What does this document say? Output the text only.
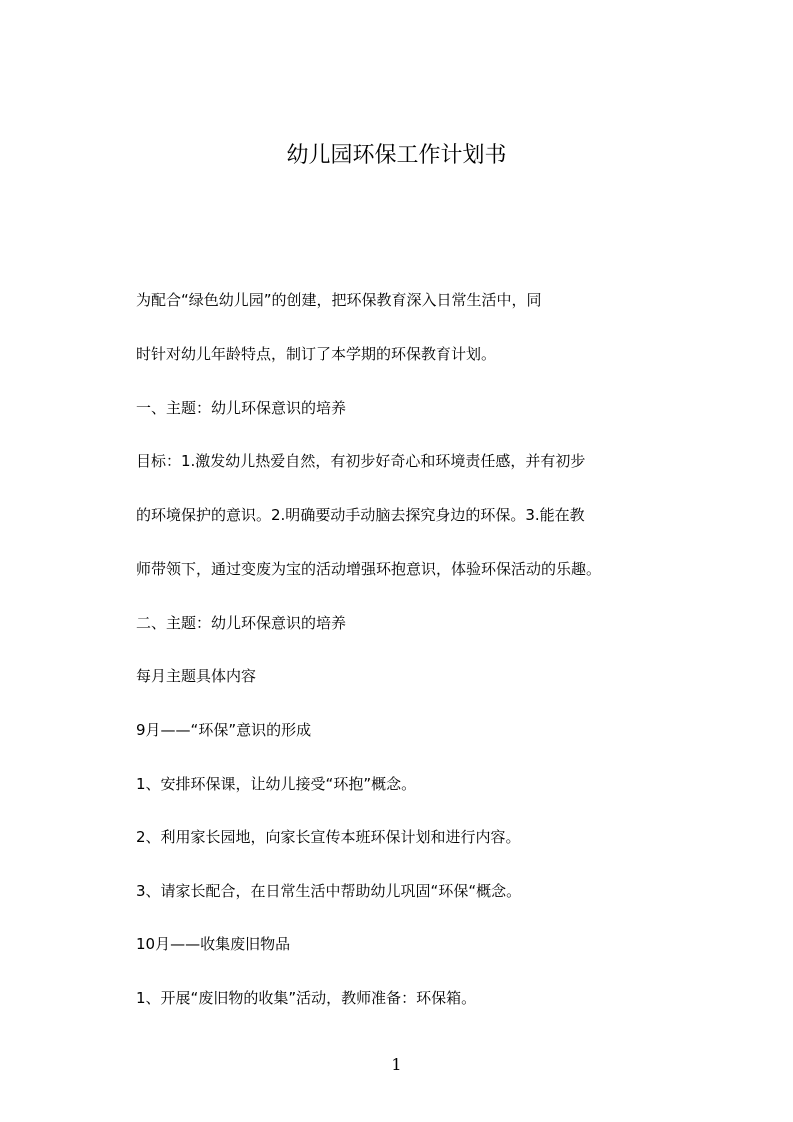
幼儿园环保工作计划书
为配合“绿色幼儿园”的创建，把环保教育深入日常生活中，同
时针对幼儿年龄特点，制订了本学期的环保教育计划。
一、主题：幼儿环保意识的培养
目标：1.激发幼儿热爱自然，有初步好奇心和环境责任感，并有初步
的环境保护的意识。2.明确要动手动脑去探究身边的环保。3.能在教
师带领下，通过变废为宝的活动增强环抱意识，体验环保活动的乐趣。
二、主题：幼儿环保意识的培养
每月主题具体内容
9月——“环保”意识的形成
1、安排环保课，让幼儿接受“环抱”概念。
2、利用家长园地，向家长宣传本班环保计划和进行内容。
3、请家长配合，在日常生活中帮助幼儿巩固“环保“概念。
10月——收集废旧物品
1、开展“废旧物的收集”活动，教师准备：环保箱。
1
